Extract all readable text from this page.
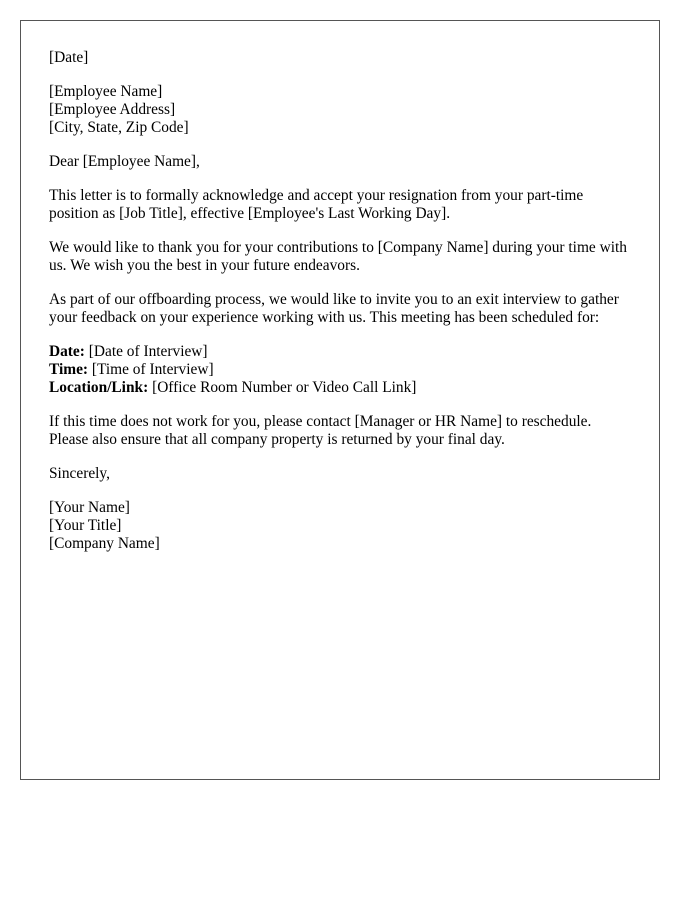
[Date]
[Employee Name]
[Employee Address]
[City, State, Zip Code]

Dear [Employee Name],

This letter is to formally acknowledge and accept your resignation from your part-time position as [Job Title], effective [Employee's Last Working Day].

We would like to thank you for your contributions to [Company Name] during your time with us. We wish you the best in your future endeavors.

As part of our offboarding process, we would like to invite you to an exit interview to gather your feedback on your experience working with us. This meeting has been scheduled for:

Date: [Date of Interview]
Time: [Time of Interview]
Location/Link: [Office Room Number or Video Call Link]

If this time does not work for you, please contact [Manager or HR Name] to reschedule. Please also ensure that all company property is returned by your final day.

Sincerely,

[Your Name]
[Your Title]
[Company Name]
